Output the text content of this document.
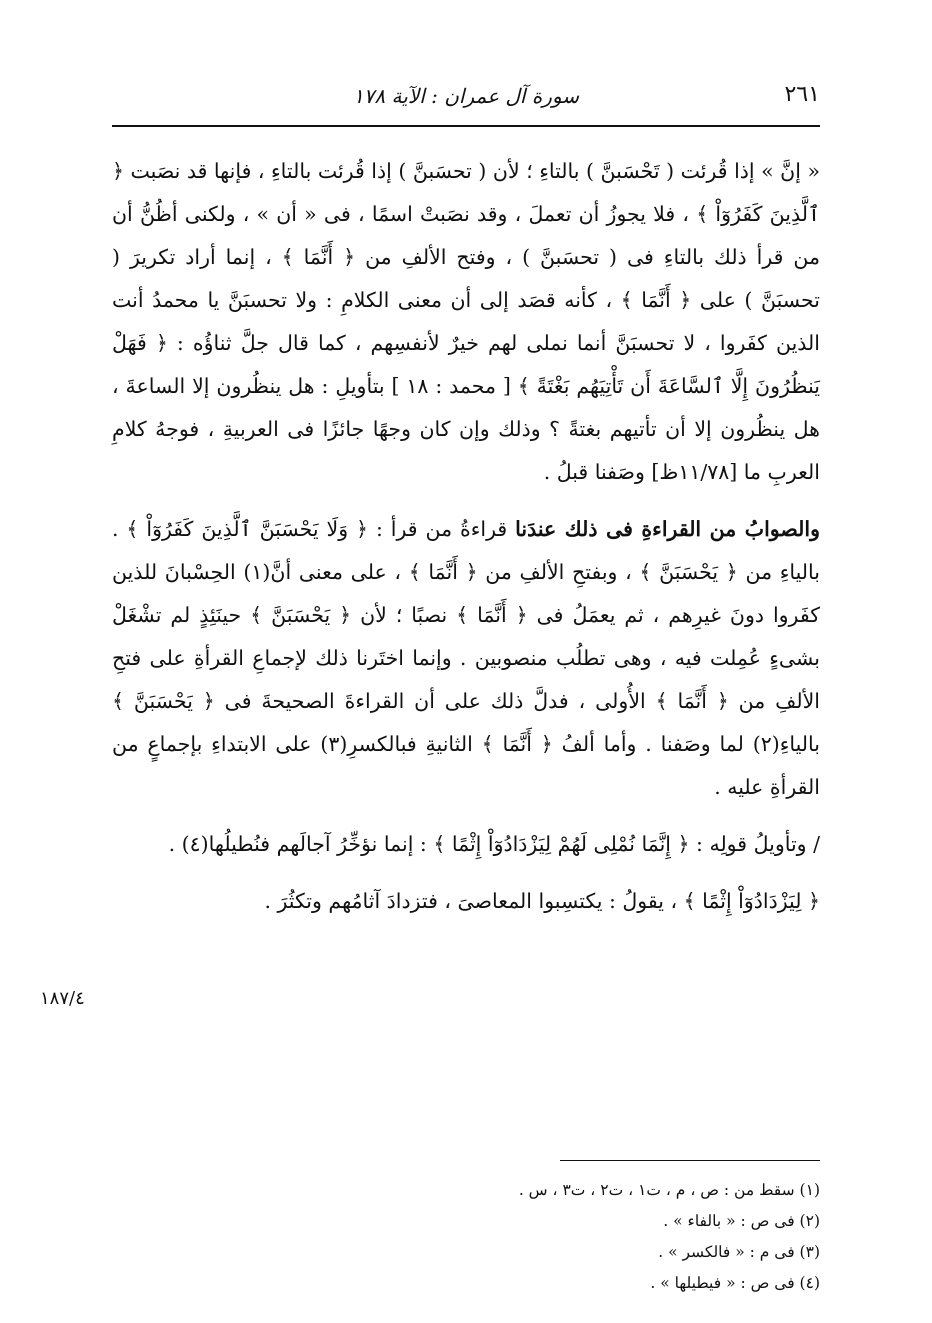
٢٦١
سورة آل عمران : الآية ١٧٨

« إنَّ » إذا قُرئت ( تَحْسَبنَّ ) بالتاءِ ؛ لأن ( تحسَبنَّ ) إذا قُرئت بالتاءِ ، فإنها قد نصَبت ﴿ ٱلَّذِينَ كَفَرُوٓاْ ﴾ ، فلا يجوزُ أن تعملَ ، وقد نصَبتْ اسمًا ، فى « أن » ، ولكنى أظُنُّ أن من قرأ ذلك بالتاءِ فى ( تحسَبنَّ ) ، وفتح الألفِ من ﴿ أَنَّمَا ﴾ ، إنما أراد تكريرَ ( تحسبَنَّ ) على ﴿ أَنَّمَا ﴾ ، كأنه قصَد إلى أن معنى الكلامِ : ولا تحسبَنَّ يا محمدُ أنت الذين كفَروا ، لا تحسبَنَّ أنما نملى لهم خيرٌ لأنفسِهم ، كما قال جلَّ ثناؤُه : ﴿ فَهَلْ يَنظُرُونَ إِلَّا ٱلسَّاعَةَ أَن تَأْتِيَهُم بَغْتَةً ﴾ [ محمد : ١٨ ] بتأويلِ : هل ينظُرون إلا الساعةَ ، هل ينظُرون إلا أن تأتيهم بغتةً ؟ وذلك وإن كان وجهًا جائزًا فى العربيةِ ، فوجهُ كلامِ العربِ ما [١١/٧٨ظ] وصَفنا قبلُ .

والصوابُ من القراءةِ فى ذلك عندَنا قراءةُ من قرأ : ﴿ وَلَا يَحْسَبَنَّ ٱلَّذِينَ كَفَرُوٓاْ ﴾ . بالياءِ من ﴿ يَحْسَبَنَّ ﴾ ، وبفتحِ الألفِ من ﴿ أَنَّمَا ﴾ ، على معنى أنَّ(١) الحِسْبانَ للذين كفَروا دونَ غيرِهم ، ثم يعمَلُ فى ﴿ أَنَّمَا ﴾ نصبًا ؛ لأن ﴿ يَحْسَبَنَّ ﴾ حينَئِذٍ لم تشْغَلْ بشىءٍ عُمِلت فيه ، وهى تطلُب منصوبين . وإنما اختَرنا ذلك لإجماعِ القرأةِ على فتحِ الألفِ من ﴿ أَنَّمَا ﴾ الأُولى ، فدلَّ ذلك على أن القراءةَ الصحيحةَ فى ﴿ يَحْسَبَنَّ ﴾ بالياءِ(٢) لما وصَفنا . وأما ألفُ ﴿ أَنَّمَا ﴾ الثانيةِ فبالكسرِ(٣) على الابتداءِ بإجماعٍ من القرأةِ عليه .

/ وتأويلُ قولِه : ﴿ إِنَّمَا نُمْلِى لَهُمْ لِيَزْدَادُوٓاْ إِثْمًا ﴾ : إنما نؤخِّرُ آجالَهم فنُطيلُها(٤) .

﴿ لِيَزْدَادُوٓاْ إِثْمًا ﴾ ، يقولُ : يكتسِبوا المعاصىَ ، فتزدادَ آثامُهم وتكثُرَ .

١٨٧/٤
(١) سقط من : ص ، م ، ت١ ، ت٢ ، ت٣ ، س .
(٢) فى ص : « بالفاء » .
(٣) فى م : « فالكسر » .
(٤) فى ص : « فيطيلها » .
